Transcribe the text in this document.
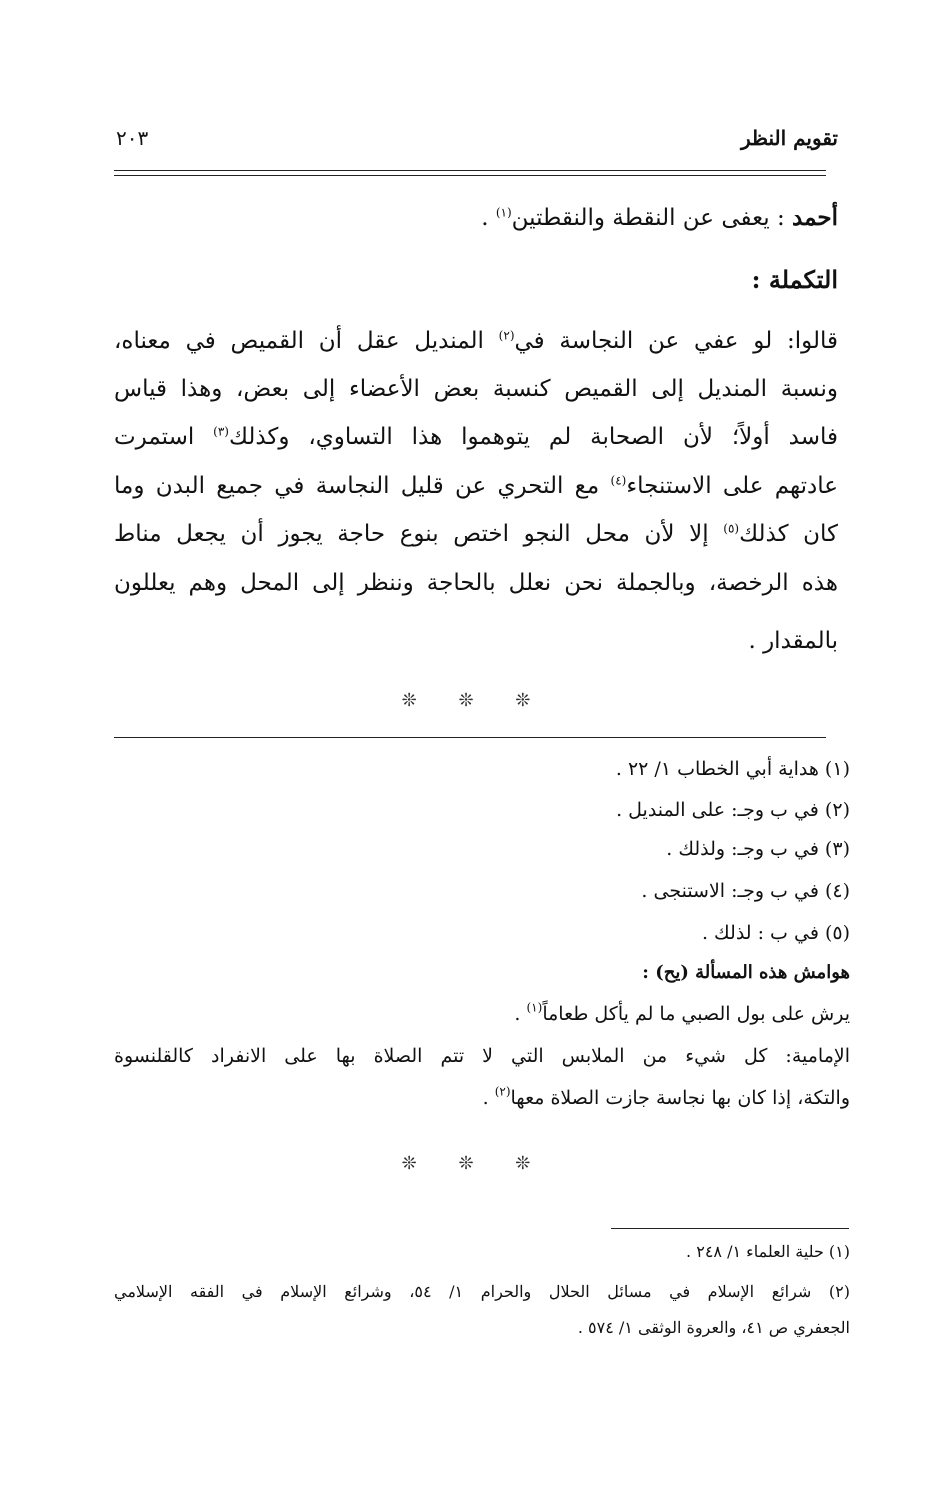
تقويم النظر
٢٠٣
أحمد : يعفى عن النقطة والنقطتين$^{(١)}$ .
التكملة :
قالوا: لو عفي عن النجاسة في$^{(٢)}$ المنديل عقل أن القميص في معناه،
ونسبة المنديل إلى القميص كنسبة بعض الأعضاء إلى بعض، وهذا قياس
فاسد أولاً؛ لأن الصحابة لم يتوهموا هذا التساوي، وكذلك$^{(٣)}$ استمرت
عادتهم على الاستنجاء$^{(٤)}$ مع التحري عن قليل النجاسة في جميع البدن وما
كان كذلك$^{(٥)}$ إلا لأن محل النجو اختص بنوع حاجة يجوز أن يجعل مناط
هذه الرخصة، وبالجملة نحن نعلل بالحاجة وننظر إلى المحل وهم يعللون
بالمقدار .
❊ ❊ ❊
(١) هداية أبي الخطاب ١/ ٢٢ .
(٢) في ب وجـ: على المنديل .
(٣) في ب وجـ: ولذلك .
(٤) في ب وجـ: الاستنجى .
(٥) في ب : لذلك .
هوامش هذه المسألة (يح) :
يرش على بول الصبي ما لم يأكل طعاماً$^{(١)}$ .
الإمامية: كل شيء من الملابس التي لا تتم الصلاة بها على الانفراد كالقلنسوة
والتكة، إذا كان بها نجاسة جازت الصلاة معها$^{(٢)}$ .
❊ ❊ ❊
(١) حلية العلماء ١/ ٢٤٨ .
(٢) شرائع الإسلام في مسائل الحلال والحرام ١/ ٥٤، وشرائع الإسلام في الفقه الإسلامي
الجعفري ص ٤١، والعروة الوثقى ١/ ٥٧٤ .
